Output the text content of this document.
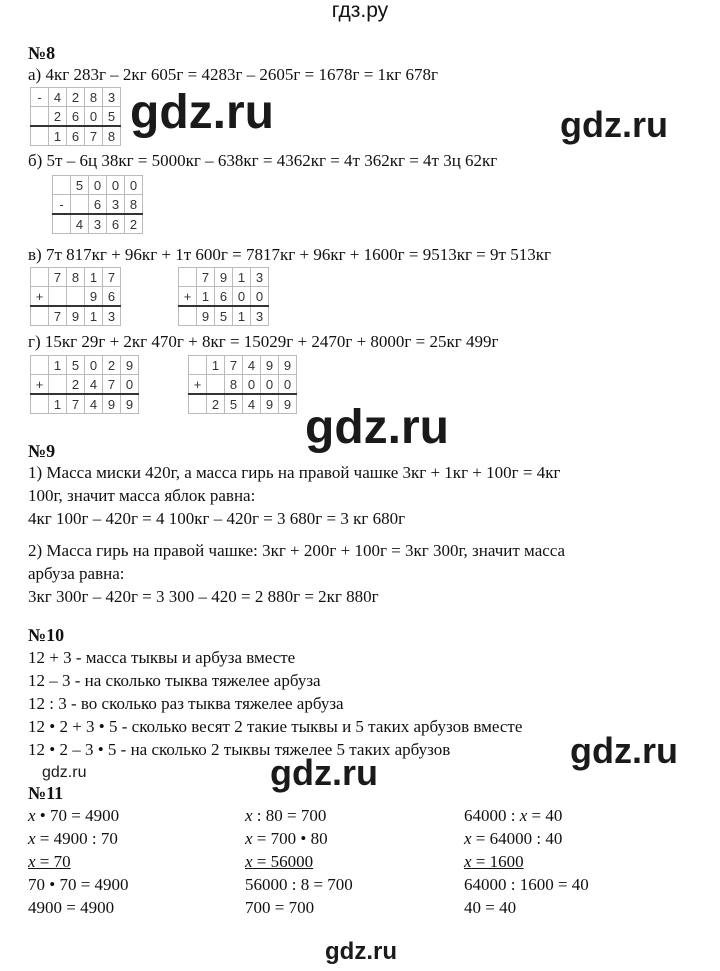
гдз.ру
№8
а) 4кг 283г – 2кг 605г = 4283г – 2605г = 1678г = 1кг 678г
-	4	2	8	3
	2	6	0	5
	1	6	7	8 gdz.ru	gdz.ru
б) 5т – 6ц 38кг = 5000кг – 638кг = 4362кг = 4т 362кг = 4т 3ц 62кг
	5	0	0	0
-		6	3	8
	4	3	6	2
в) 7т 817кг + 96кг + 1т 600г = 7817кг + 96кг + 1600г = 9513кг = 9т 513кг
	7	8	1	7
+			9	6
	7	9	1	3
	7	9	1	3
+	1	6	0	0
	9	5	1	3
г) 15кг 29г + 2кг 470г + 8кг = 15029г + 2470г + 8000г = 25кг 499г
	1	5	0	2	9
+		2	4	7	0
	1	7	4	9	9
	1	7	4	9	9
+		8	0	0	0
	2	5	4	9	9 gdz.ru
№9
1) Масса миски 420г, а масса гирь на правой чашке 3кг + 1кг + 100г = 4кг
100г, значит масса яблок равна:
4кг 100г – 420г = 4 100кг – 420г = 3 680г = 3 кг 680г
2) Масса гирь на правой чашке: 3кг + 200г + 100г = 3кг 300г, значит масса
арбуза равна:
3кг 300г – 420г = 3 300 – 420 = 2 880г = 2кг 880г
№10
12 + 3 - масса тыквы и арбуза вместе
12 – 3 - на сколько тыква тяжелее арбуза
12 : 3 - во сколько раз тыква тяжелее арбуза
12 • 2 + 3 • 5 - сколько весят 2 такие тыквы и 5 таких арбузов вместе
12 • 2 – 3 • 5 - на сколько 2 тыквы тяжелее 5 таких арбузов	gdz.ru
gdz.ru	gdz.ru
№11
x • 70 = 4900
x = 4900 : 70
x = 70
70 • 70 = 4900
4900 = 4900
x : 80 = 700
x = 700 • 80
x = 56000
56000 : 8 = 700
700 = 700
64000 : x = 40
x = 64000 : 40
x = 1600
64000 : 1600 = 40
40 = 40
gdz.ru
